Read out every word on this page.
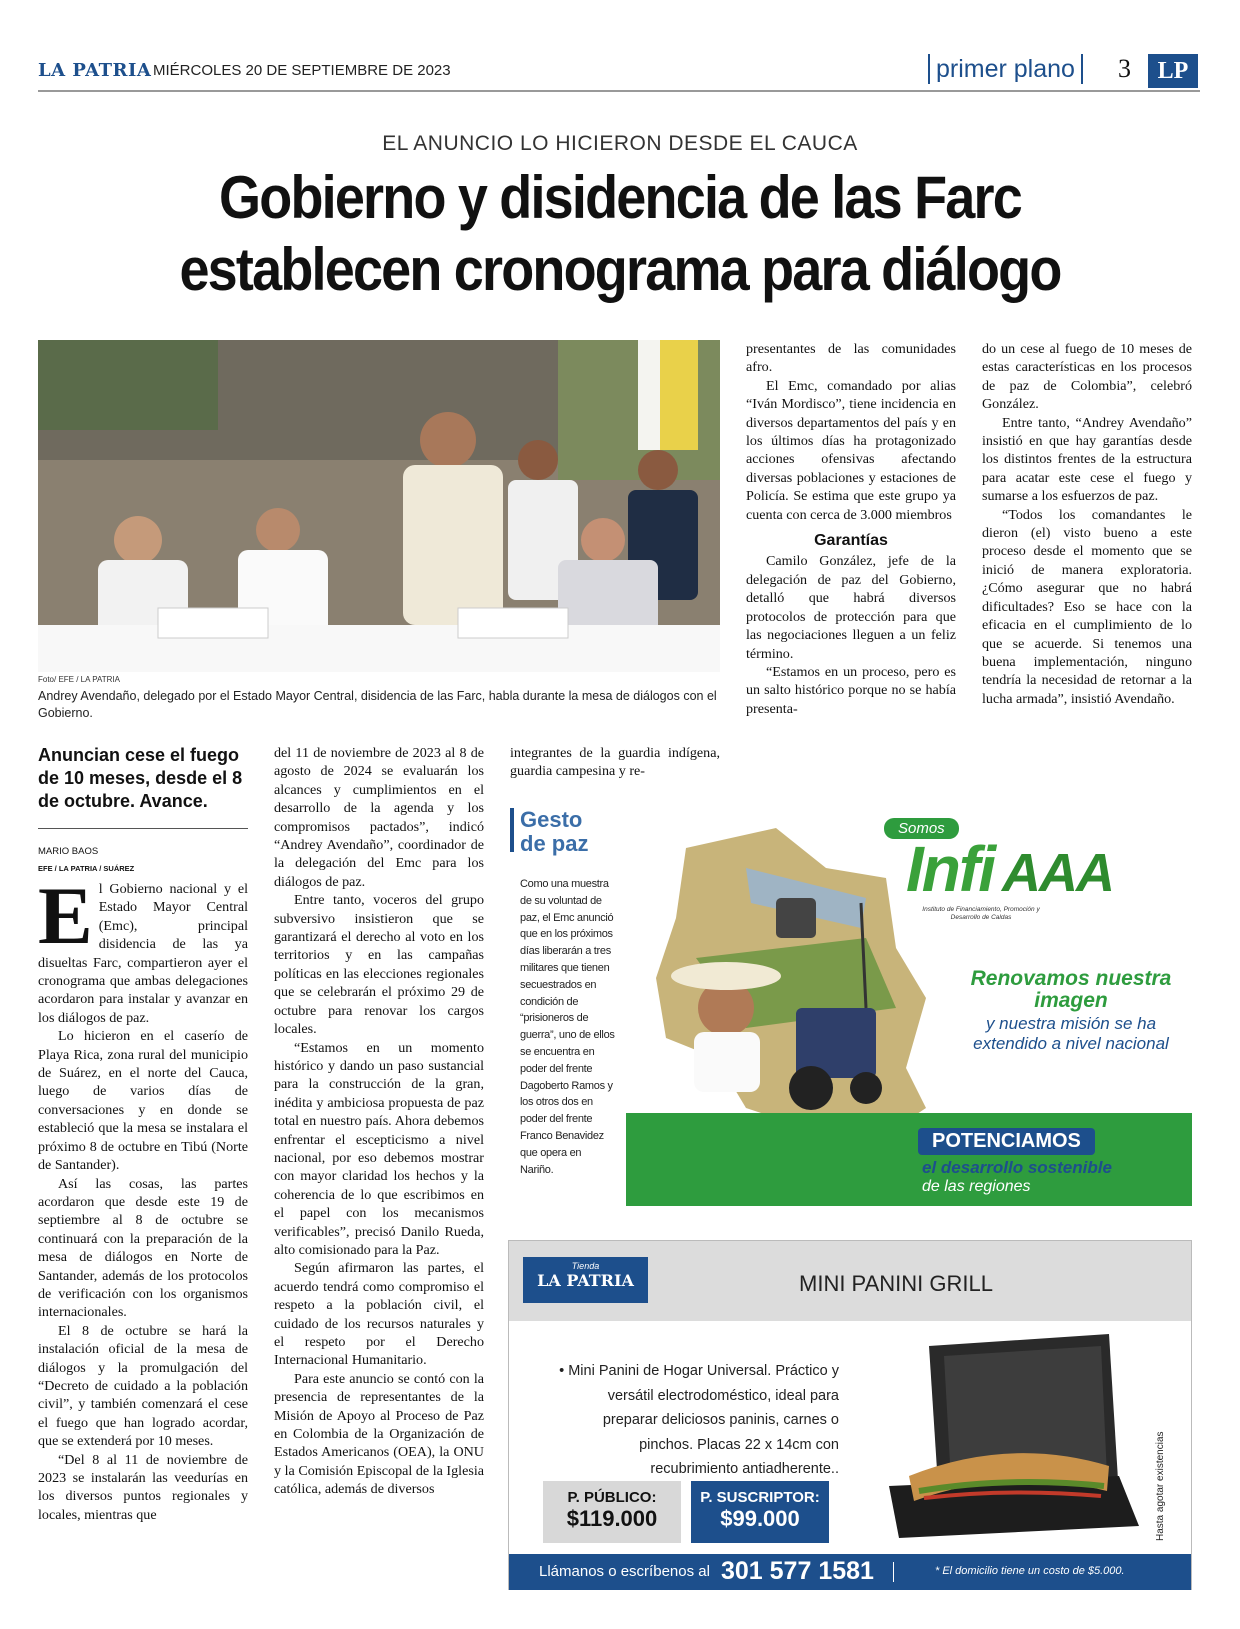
LA PATRIA MIÉRCOLES 20 DE SEPTIEMBRE DE 2023	primer plano	3	LP
EL ANUNCIO LO HICIERON DESDE EL CAUCA
Gobierno y disidencia de las Farc
establecen cronograma para diálogo
Foto/ EFE / LA PATRIA
Andrey Avendaño, delegado por el Estado Mayor Central, disidencia de las Farc, habla durante la mesa de diálogos con el Gobierno.
Anuncian cese el fuego de 10 meses, desde el 8 de octubre. Avance.
MARIO BAOS
EFE / LA PATRIA / SUÁREZ

El Gobierno nacional y el Estado Mayor Central (Emc), principal disidencia de las ya disueltas Farc, compartieron ayer el cronograma que ambas delegaciones acordaron para instalar y avanzar en los diálogos de paz.

Lo hicieron en el caserío de Playa Rica, zona rural del municipio de Suárez, en el norte del Cauca, luego de varios días de conversaciones y en donde se estableció que la mesa se instalara el próximo 8 de octubre en Tibú (Norte de Santander).

Así las cosas, las partes acordaron que desde este 19 de septiembre al 8 de octubre se continuará con la preparación de la mesa de diálogos en Norte de Santander, además de los protocolos de verificación con los organismos internacionales.

El 8 de octubre se hará la instalación oficial de la mesa de diálogos y la promulgación del “Decreto de cuidado a la población civil”, y también comenzará el cese el fuego que han logrado acordar, que se extenderá por 10 meses.

“Del 8 al 11 de noviembre de 2023 se instalarán las veedurías en los diversos puntos regionales y locales, mientras que

del 11 de noviembre de 2023 al 8 de agosto de 2024 se evaluarán los alcances y cumplimientos en el desarrollo de la agenda y los compromisos pactados”, indicó “Andrey Avendaño”, coordinador de la delegación del Emc para los diálogos de paz.

Entre tanto, voceros del grupo subversivo insistieron que se garantizará el derecho al voto en los territorios y en las campañas políticas en las elecciones regionales que se celebrarán el próximo 29 de octubre para renovar los cargos locales.

“Estamos en un momento histórico y dando un paso sustancial para la construcción de la gran, inédita y ambiciosa propuesta de paz total en nuestro país. Ahora debemos enfrentar el escepticismo a nivel nacional, por eso debemos mostrar con mayor claridad los hechos y la coherencia de lo que escribimos en el papel con los mecanismos verificables”, precisó Danilo Rueda, alto comisionado para la Paz.

Según afirmaron las partes, el acuerdo tendrá como compromiso el respeto a la población civil, el cuidado de los recursos naturales y el respeto por el Derecho Internacional Humanitario.

Para este anuncio se contó con la presencia de representantes de la Misión de Apoyo al Proceso de Paz en Colombia de la Organización de Estados Americanos (OEA), la ONU y la Comisión Episcopal de la Iglesia católica, además de diversos

integrantes de la guardia indígena, guardia campesina y re-

presentantes de las comunidades afro.

El Emc, comandado por alias “Iván Mordisco”, tiene incidencia en diversos departamentos del país y en los últimos días ha protagonizado acciones ofensivas afectando diversas poblaciones y estaciones de Policía. Se estima que este grupo ya cuenta con cerca de 3.000 miembros

Garantías

Camilo González, jefe de la delegación de paz del Gobierno, detalló que habrá diversos protocolos de protección para que las negociaciones lleguen a un feliz término.

“Estamos en un proceso, pero es un salto histórico porque no se había presenta-

do un cese al fuego de 10 meses de estas características en los procesos de paz de Colombia”, celebró González.

Entre tanto, “Andrey Avendaño” insistió en que hay garantías desde los distintos frentes de la estructura para acatar este cese el fuego y sumarse a los esfuerzos de paz.

“Todos los comandantes le dieron (el) visto bueno a este proceso desde el momento que se inició de manera exploratoria. ¿Cómo asegurar que no habrá dificultades? Eso se hace con la eficacia en el cumplimiento de lo que se acuerde. Si tenemos una buena implementación, ninguno tendría la necesidad de retornar a la lucha armada”, insistió Avendaño.

Gesto
de paz
Como una muestra de su voluntad de paz, el Emc anunció que en los próximos días liberarán a tres militares que tienen secuestrados en condición de “prisioneros de guerra”, uno de ellos se encuentra en poder del frente Dagoberto Ramos y los otros dos en poder del frente Franco Benavidez que opera en Nariño.
Somos
Infi AAA
Instituto de Financiamiento, Promoción y Desarrollo de Caldas
Renovamos nuestra imagen
y nuestra misión se ha extendido a nivel nacional
POTENCIAMOS
el desarrollo sostenible
de las regiones
Tienda
LA PATRIA	MINI PANINI GRILL
• Mini Panini de Hogar Universal. Práctico y versátil electrodoméstico, ideal para preparar deliciosos paninis, carnes o pinchos. Placas 22 x 14cm con recubrimiento antiadherente..
P. PÚBLICO:
$119.000
P. SUSCRIPTOR:
$99.000	Hasta agotar existencias
Llámanos o escríbenos al 301 577 1581	* El domicilio tiene un costo de $5.000.
